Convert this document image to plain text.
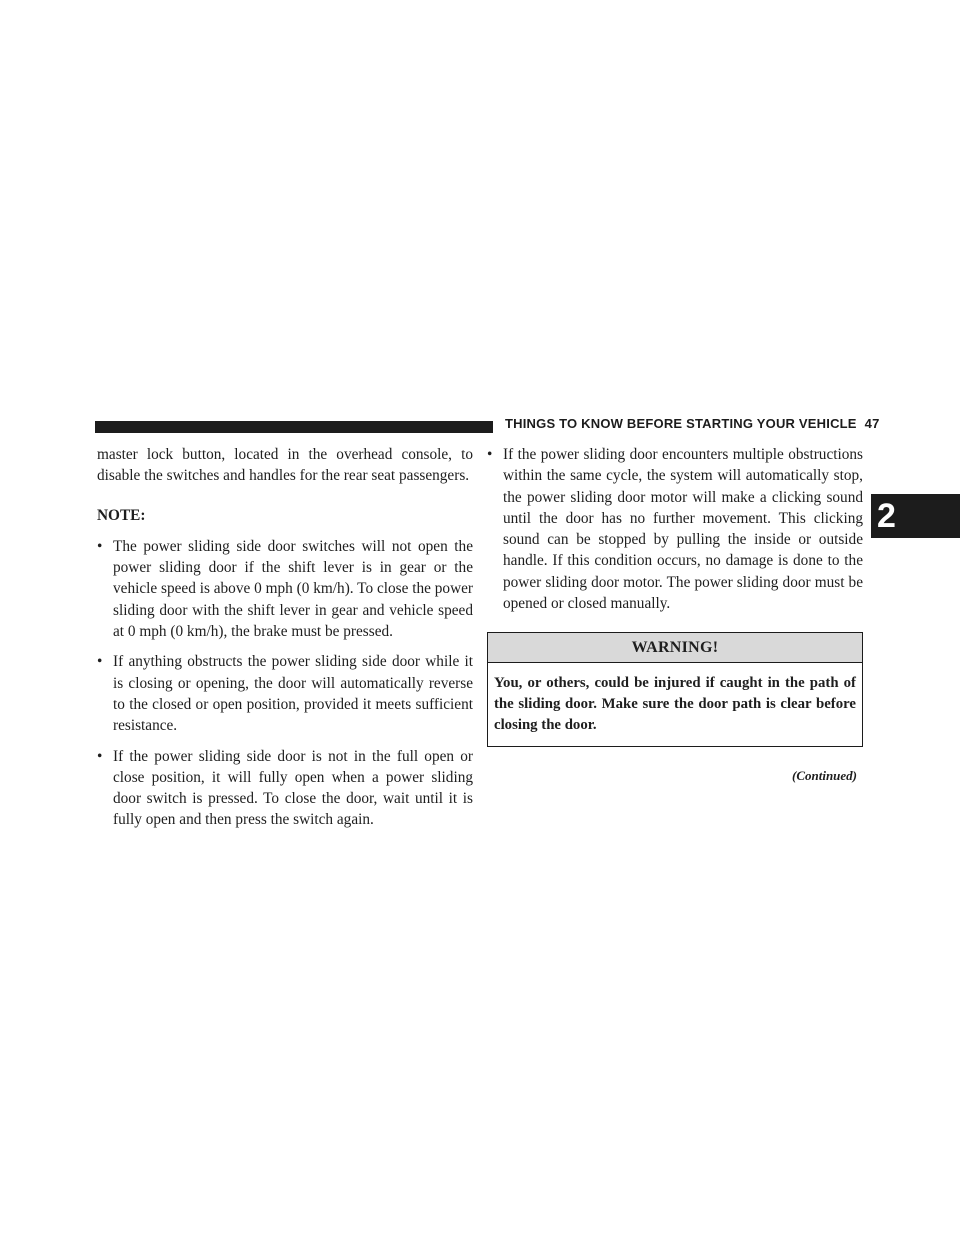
THINGS TO KNOW BEFORE STARTING YOUR VEHICLE 47
2

master lock button, located in the overhead console, to disable the switches and handles for the rear seat passengers.

NOTE:

• The power sliding side door switches will not open the power sliding door if the shift lever is in gear or the vehicle speed is above 0 mph (0 km/h). To close the power sliding door with the shift lever in gear and vehicle speed at 0 mph (0 km/h), the brake must be pressed.
• If anything obstructs the power sliding side door while it is closing or opening, the door will automatically reverse to the closed or open position, provided it meets sufficient resistance.
• If the power sliding side door is not in the full open or close position, it will fully open when a power sliding door switch is pressed. To close the door, wait until it is fully open and then press the switch again.
• If the power sliding door encounters multiple obstructions within the same cycle, the system will automatically stop, the power sliding door motor will make a clicking sound until the door has no further movement. This clicking sound can be stopped by pulling the inside or outside handle. If this condition occurs, no damage is done to the power sliding door motor. The power sliding door must be opened or closed manually.
WARNING!
You, or others, could be injured if caught in the path of the sliding door. Make sure the door path is clear before closing the door.
(Continued)
